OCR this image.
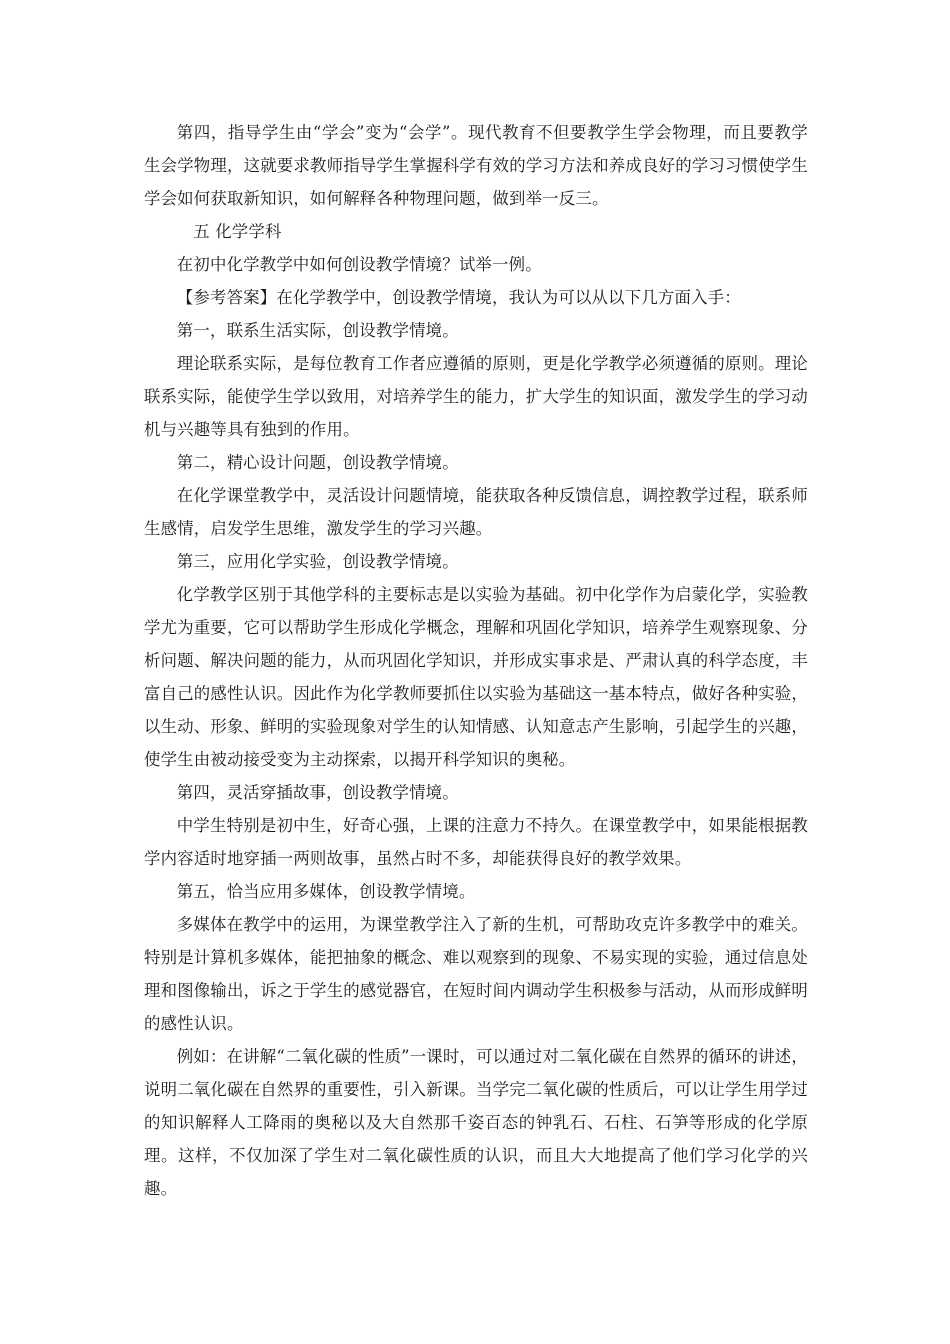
第四，指导学生由“学会”变为“会学”。现代教育不但要教学生学会物理，而且要教学生会学物理，这就要求教师指导学生掌握科学有效的学习方法和养成良好的学习习惯使学生学会如何获取新知识，如何解释各种物理问题，做到举一反三。

五 化学学科

在初中化学教学中如何创设教学情境？试举一例。

【参考答案】在化学教学中，创设教学情境，我认为可以从以下几方面入手：

第一，联系生活实际，创设教学情境。

理论联系实际，是每位教育工作者应遵循的原则，更是化学教学必须遵循的原则。理论联系实际，能使学生学以致用，对培养学生的能力，扩大学生的知识面，激发学生的学习动机与兴趣等具有独到的作用。

第二，精心设计问题，创设教学情境。

在化学课堂教学中，灵活设计问题情境，能获取各种反馈信息，调控教学过程，联系师生感情，启发学生思维，激发学生的学习兴趣。

第三，应用化学实验，创设教学情境。

化学教学区别于其他学科的主要标志是以实验为基础。初中化学作为启蒙化学，实验教学尤为重要，它可以帮助学生形成化学概念，理解和巩固化学知识，培养学生观察现象、分析问题、解决问题的能力，从而巩固化学知识，并形成实事求是、严肃认真的科学态度，丰富自己的感性认识。因此作为化学教师要抓住以实验为基础这一基本特点，做好各种实验，以生动、形象、鲜明的实验现象对学生的认知情感、认知意志产生影响，引起学生的兴趣，使学生由被动接受变为主动探索，以揭开科学知识的奥秘。

第四，灵活穿插故事，创设教学情境。

中学生特别是初中生，好奇心强，上课的注意力不持久。在课堂教学中，如果能根据教学内容适时地穿插一两则故事，虽然占时不多，却能获得良好的教学效果。

第五，恰当应用多媒体，创设教学情境。

多媒体在教学中的运用，为课堂教学注入了新的生机，可帮助攻克许多教学中的难关。特别是计算机多媒体，能把抽象的概念、难以观察到的现象、不易实现的实验，通过信息处理和图像输出，诉之于学生的感觉器官，在短时间内调动学生积极参与活动，从而形成鲜明的感性认识。

例如：在讲解“二氧化碳的性质”一课时，可以通过对二氧化碳在自然界的循环的讲述，说明二氧化碳在自然界的重要性，引入新课。当学完二氧化碳的性质后，可以让学生用学过的知识解释人工降雨的奥秘以及大自然那千姿百态的钟乳石、石柱、石笋等形成的化学原理。这样，不仅加深了学生对二氧化碳性质的认识，而且大大地提高了他们学习化学的兴趣。
